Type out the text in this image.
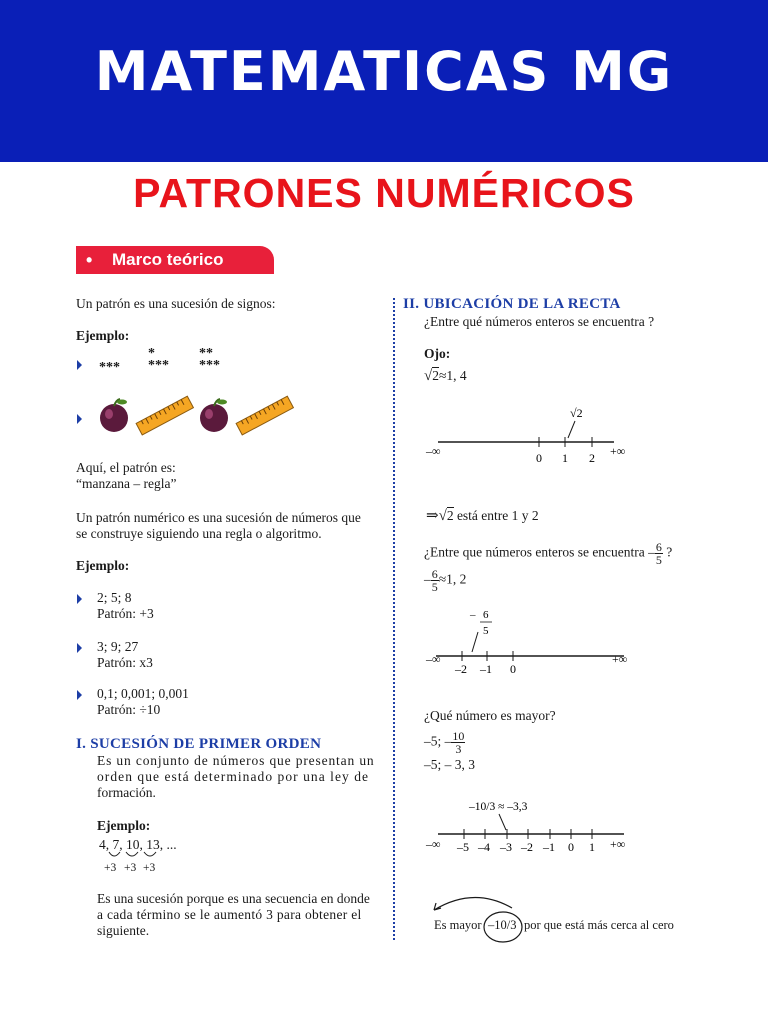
MATEMATICAS MG
PATRONES NUMÉRICOS
• Marco teórico
Un patrón es una sucesión de signos:
Ejemplo:
***
*
***
**
***
Aquí, el patrón es:
“manzana – regla”
Un patrón numérico es una sucesión de números que
se construye siguiendo una regla o algoritmo.
Ejemplo:
2; 5; 8
Patrón: +3
3; 9; 27
Patrón: x3
0,1; 0,001; 0,001
Patrón: ÷10
I. SUCESIÓN DE PRIMER ORDEN
Es un conjunto de números que presentan un
orden que está determinado por una ley de
formación.
Ejemplo:
4, 7, 10, 13, ...
+3 +3 +3
Es una sucesión porque es una secuencia en donde
a cada término se le aumentó 3 para obtener el
siguiente.
II. UBICACIÓN DE LA RECTA
¿Entre qué números enteros se encuentra ?
Ojo:
√2≈1, 4
√2
–∞	+∞
0 1 2
⇒√2 está entre 1 y 2
¿Entre que números enteros se encuentra – $\frac{6}{5}$ ?
– $\frac{6}{5} \approx 1$, 2
– 6
5
–∞	+∞
–2 –1 0
¿Qué número es mayor?
–5; – $\frac{10}{3}$
–5; – 3, 3
–10/3 ≈ –3,3
–∞	+∞
–5 –4 –3 –2 –1 0 1
Es mayor –10/3 por que está más cerca al cero
